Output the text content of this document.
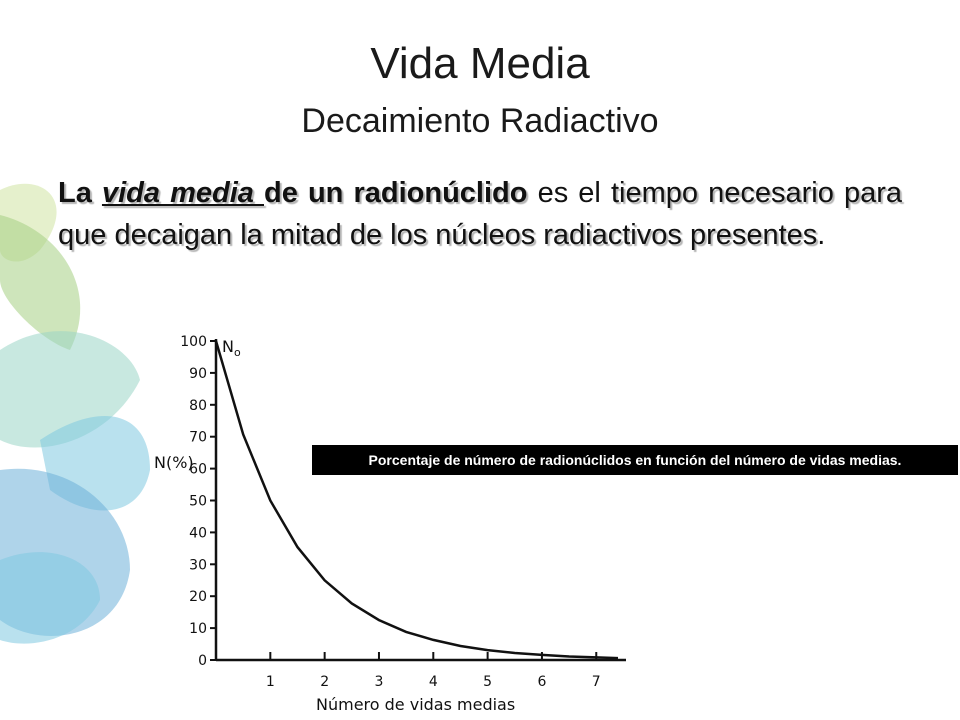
Vida Media
Decaimiento Radiactivo

La vida media de un radionúclido es el tiempo necesario para que decaigan la mitad de los núcleos radiactivos presentes.

0
10
20
30
40
50
60
70
80
90
100
1	2	3	4	5	6	7
N(%)
$N_o$
Número de vidas medias
Porcentaje de número de radionúclidos en función del número de vidas medias.
